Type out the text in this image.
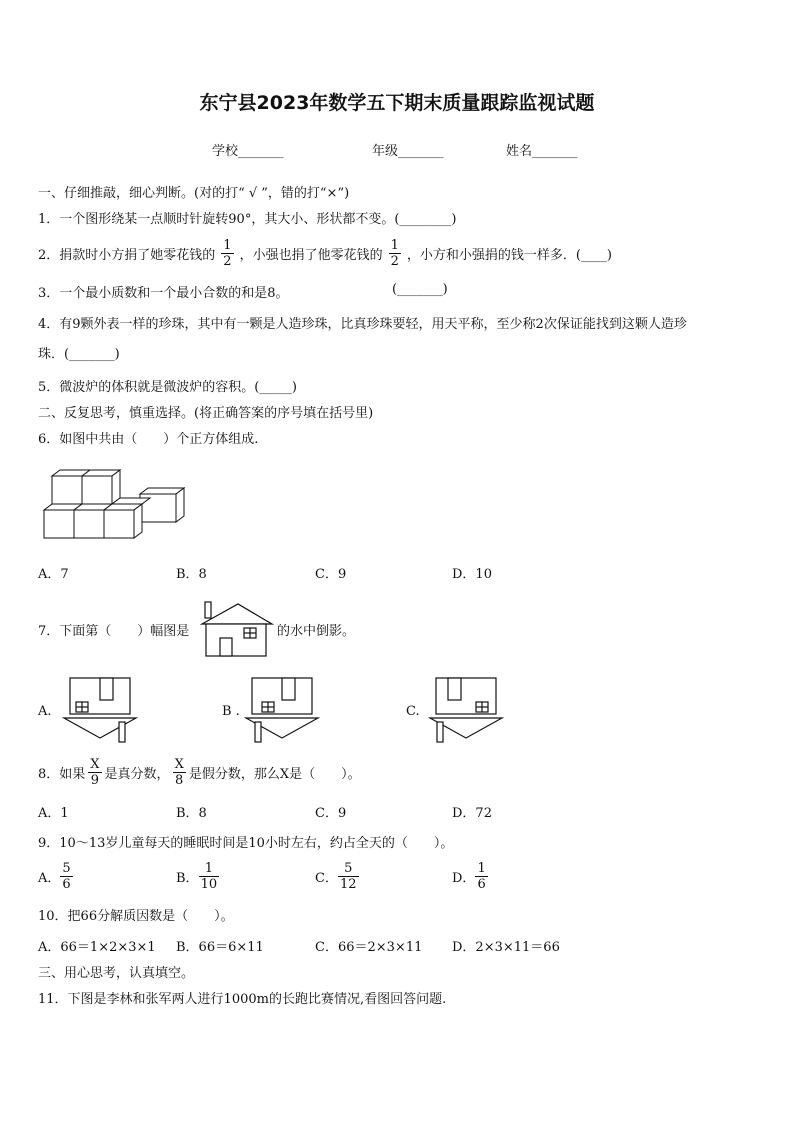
东宁县2023年数学五下期末质量跟踪监视试题
学校_______	年级_______	姓名_______
一、仔细推敲，细心判断。(对的打“ √ ”，错的打“×”)
1．一个图形绕某一点顺时针旋转90°，其大小、形状都不变。(________)
2．捐款时小方捐了她零花钱的 $\frac{1}{2}$ ，小强也捐了他零花钱的 $\frac{1}{2}$ ，小方和小强捐的钱一样多．(____)
3．一个最小质数和一个最小合数的和是8。	(_______)
4．有9颗外表一样的珍珠，其中有一颗是人造珍珠，比真珍珠要轻，用天平称，至少称2次保证能找到这颗人造珍
珠．(_______)
5．微波炉的体积就是微波炉的容积。(_____)
二、反复思考，慎重选择。(将正确答案的序号填在括号里)
6．如图中共由（　　）个正方体组成.
A．7	B．8	C．9	D．10
7．下面第（　　）幅图是	的水中倒影。
A.	B .	C.
8．如果 $\frac{X}{9}$ 是真分数， $\frac{X}{8}$ 是假分数，那么X是（　　）。
A．1	B．8	C．9	D．72
9．10～13岁儿童每天的睡眠时间是10小时左右，约占全天的（　　）。
A． $\frac{5}{6}$	B． $\frac{1}{10}$	C． $\frac{5}{12}$	D． $\frac{1}{6}$
10．把66分解质因数是（　　）。
A．66＝1×2×3×1 B．66＝6×11	C．66＝2×3×11 D．2×3×11＝66
三、用心思考，认真填空。
11．下图是李林和张军两人进行1000m的长跑比赛情况,看图回答问题.
